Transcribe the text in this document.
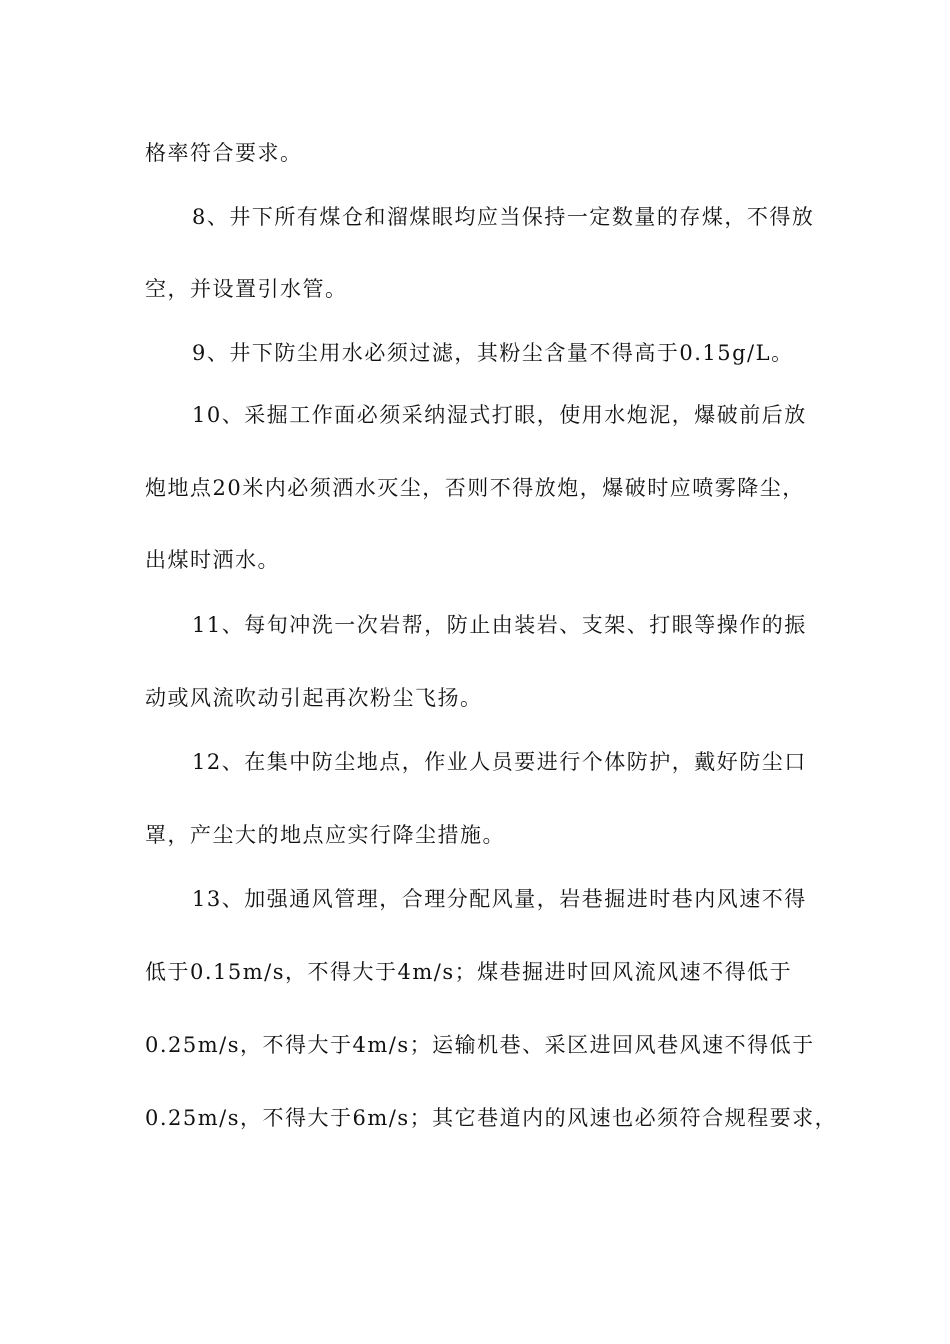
格率符合要求。
8、井下所有煤仓和溜煤眼均应当保持一定数量的存煤，不得放
空，并设置引水管。
9、井下防尘用水必须过滤，其粉尘含量不得高于0.15g/L。
10、采掘工作面必须采纳湿式打眼，使用水炮泥，爆破前后放
炮地点20米内必须洒水灭尘，否则不得放炮，爆破时应喷雾降尘，
出煤时洒水。
11、每旬冲洗一次岩帮，防止由装岩、支架、打眼等操作的振
动或风流吹动引起再次粉尘飞扬。
12、在集中防尘地点，作业人员要进行个体防护，戴好防尘口
罩，产尘大的地点应实行降尘措施。
13、加强通风管理，合理分配风量，岩巷掘进时巷内风速不得
低于0.15m/s，不得大于4m/s；煤巷掘进时回风流风速不得低于
0.25m/s，不得大于4m/s；运输机巷、采区进回风巷风速不得低于
0.25m/s，不得大于6m/s；其它巷道内的风速也必须符合规程要求，
